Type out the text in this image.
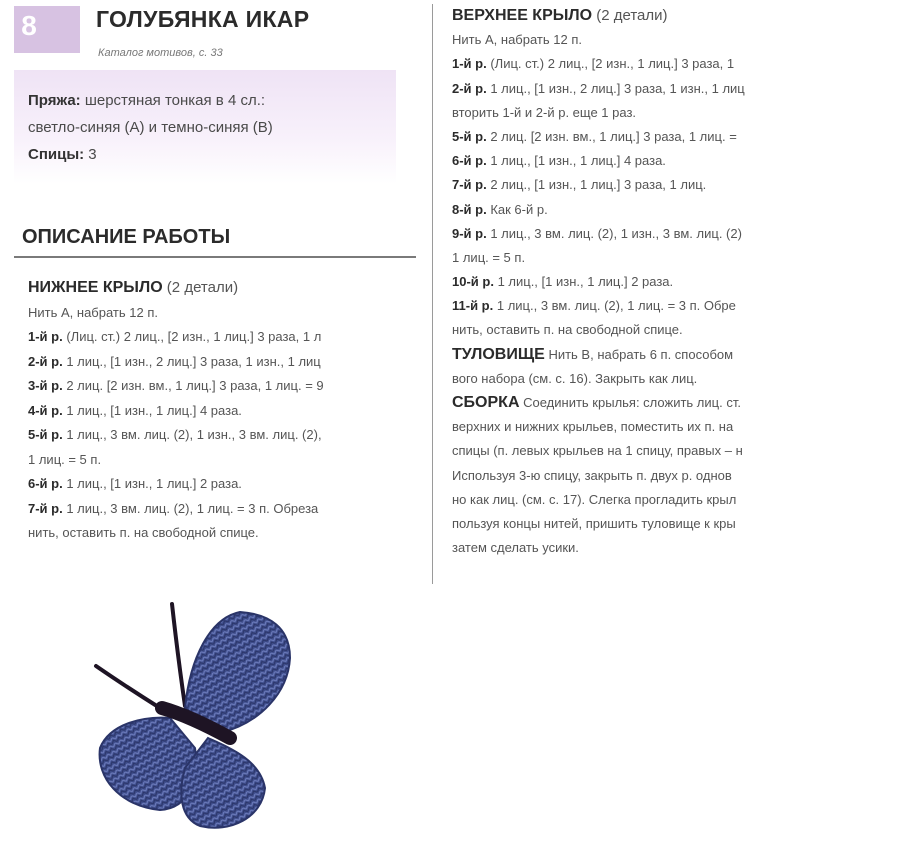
8	ГОЛУБЯНКА ИКАР
Каталог мотивов, с. 33
Пряжа: шерстяная тонкая в 4 сл.:
светло-синяя (А) и темно-синяя (В)
Спицы: 3
ОПИСАНИЕ РАБОТЫ
НИЖНЕЕ КРЫЛО (2 детали)
Нить А, набрать 12 п.
1-й р. (Лиц. ст.) 2 лиц., [2 изн., 1 лиц.] 3 раза, 1 л
2-й р. 1 лиц., [1 изн., 2 лиц.] 3 раза, 1 изн., 1 лиц
3-й р. 2 лиц. [2 изн. вм., 1 лиц.] 3 раза, 1 лиц. = 9
4-й р. 1 лиц., [1 изн., 1 лиц.] 4 раза.
5-й р. 1 лиц., 3 вм. лиц. (2), 1 изн., 3 вм. лиц. (2),
1 лиц. = 5 п.
6-й р. 1 лиц., [1 изн., 1 лиц.] 2 раза.
7-й р. 1 лиц., 3 вм. лиц. (2), 1 лиц. = 3 п. Обреза
нить, оставить п. на свободной спице.
ВЕРХНЕЕ КРЫЛО (2 детали)
Нить А, набрать 12 п.
1-й р. (Лиц. ст.) 2 лиц., [2 изн., 1 лиц.] 3 раза, 1
2-й р. 1 лиц., [1 изн., 2 лиц.] 3 раза, 1 изн., 1 лиц
вторить 1-й и 2-й р. еще 1 раз.
5-й р. 2 лиц. [2 изн. вм., 1 лиц.] 3 раза, 1 лиц. =
6-й р. 1 лиц., [1 изн., 1 лиц.] 4 раза.
7-й р. 2 лиц., [1 изн., 1 лиц.] 3 раза, 1 лиц.
8-й р. Как 6-й р.
9-й р. 1 лиц., 3 вм. лиц. (2), 1 изн., 3 вм. лиц. (2)
1 лиц. = 5 п.
10-й р. 1 лиц., [1 изн., 1 лиц.] 2 раза.
11-й р. 1 лиц., 3 вм. лиц. (2), 1 лиц. = 3 п. Обре
нить, оставить п. на свободной спице.
ТУЛОВИЩЕ Нить В, набрать 6 п. способом
вого набора (см. с. 16). Закрыть как лиц.
СБОРКА Соединить крылья: сложить лиц. ст.
верхних и нижних крыльев, поместить их п. на
спицы (п. левых крыльев на 1 спицу, правых – н
Используя 3-ю спицу, закрыть п. двух р. однов
но как лиц. (см. с. 17). Слегка прогладить крыл
пользуя концы нитей, пришить туловище к кры
затем сделать усики.
